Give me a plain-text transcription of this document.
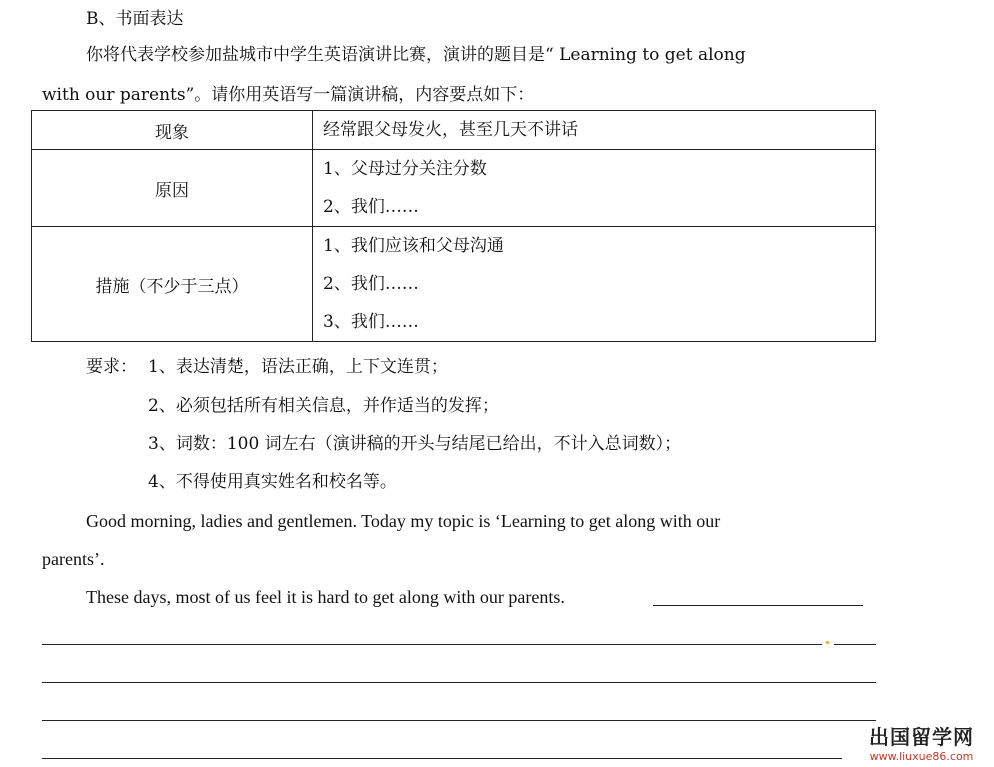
B、书面表达
你将代表学校参加盐城市中学生英语演讲比赛，演讲的题目是“ Learning to get along
with our parents”。请你用英语写一篇演讲稿，内容要点如下：
现象	经常跟父母发火，甚至几天不讲话

原因	1、父母过分关注分数
2、我们……

措施（不少于三点）	1、我们应该和父母沟通
2、我们……
3、我们……
要求： 1、表达清楚，语法正确，上下文连贯；
2、必须包括所有相关信息，并作适当的发挥；
3、词数：100 词左右（演讲稿的开头与结尾已给出，不计入总词数）；
4、不得使用真实姓名和校名等。
Good morning, ladies and gentlemen. Today my topic is ‘Learning to get along with our
parents’.
These days, most of us feel it is hard to get along with our parents.
出国留学网
www.liuxue86.com
